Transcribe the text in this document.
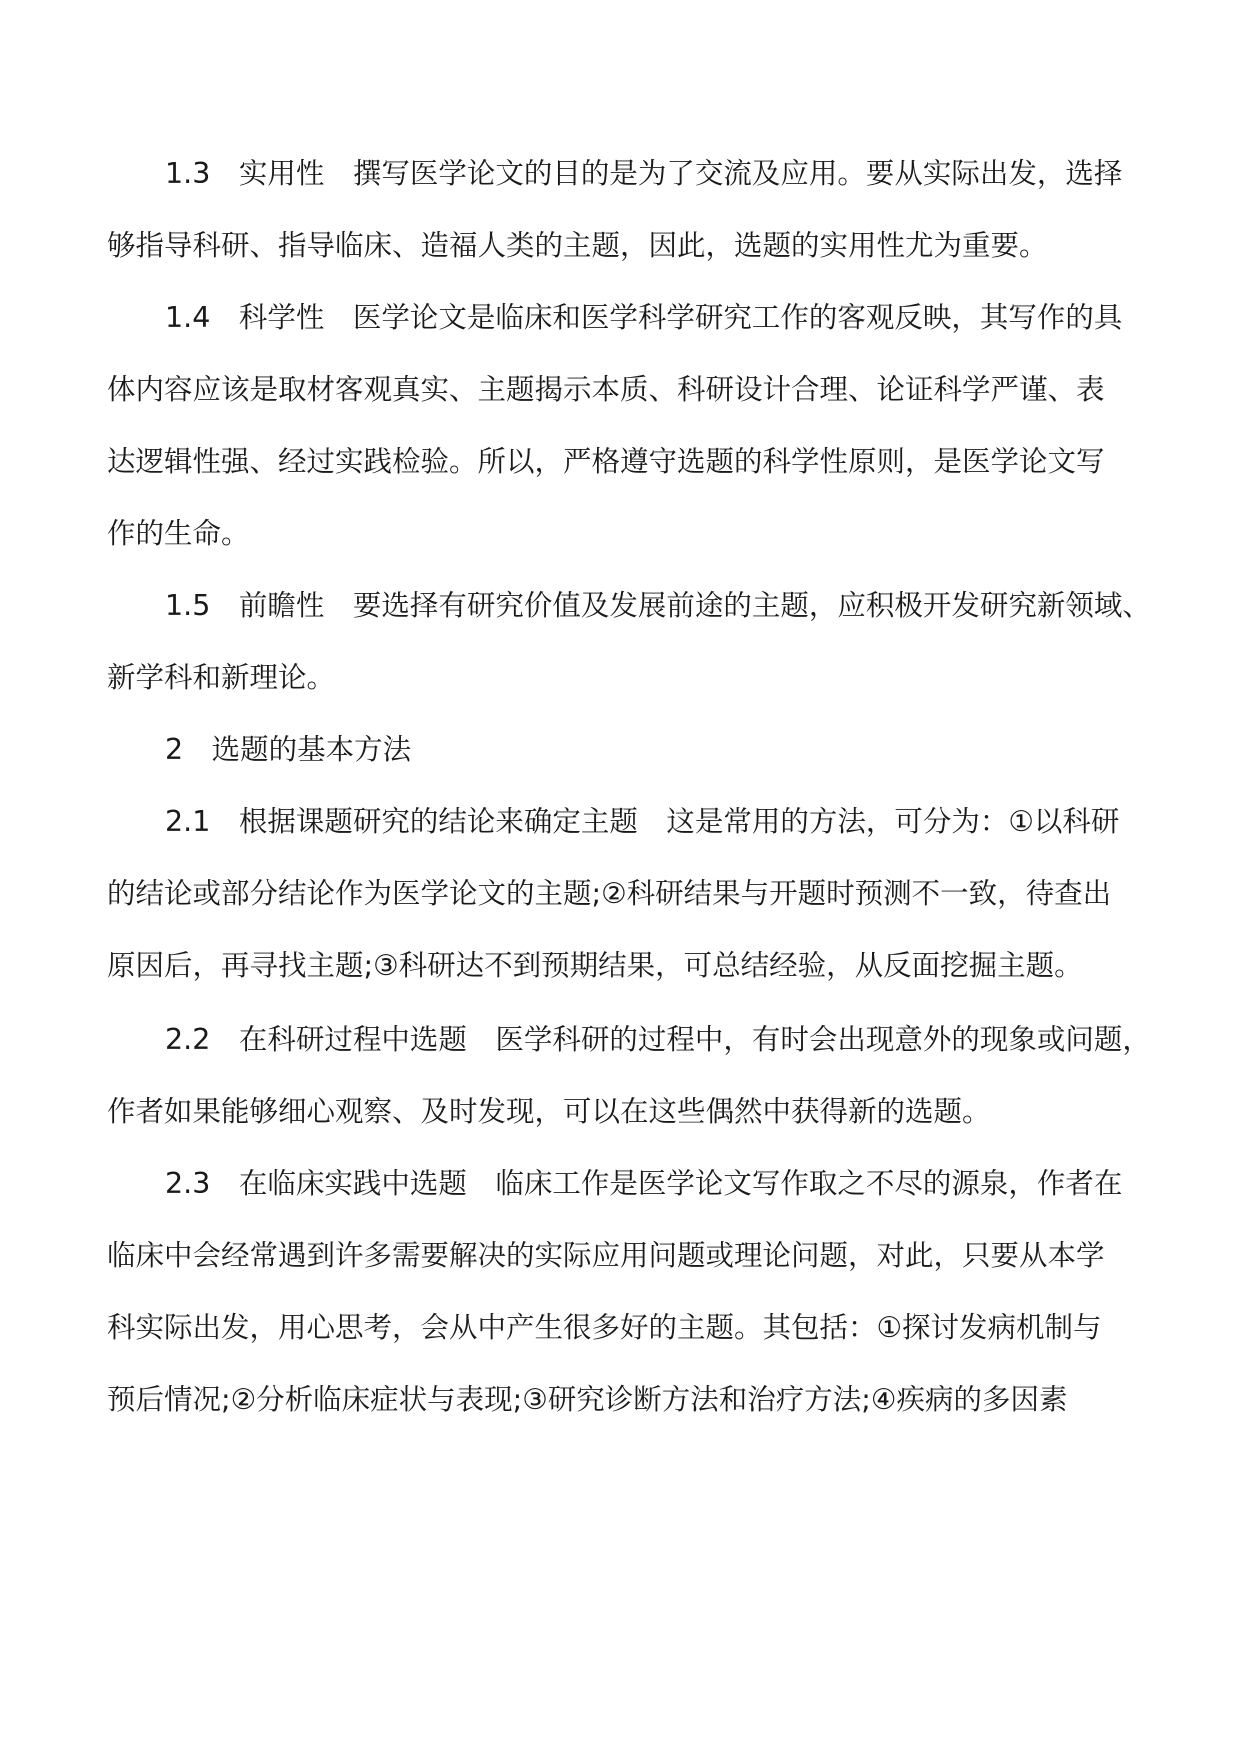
1.3　实用性　撰写医学论文的目的是为了交流及应用。要从实际出发，选择
够指导科研、指导临床、造福人类的主题，因此，选题的实用性尤为重要。
1.4　科学性　医学论文是临床和医学科学研究工作的客观反映，其写作的具
体内容应该是取材客观真实、主题揭示本质、科研设计合理、论证科学严谨、表
达逻辑性强、经过实践检验。所以，严格遵守选题的科学性原则，是医学论文写
作的生命。
1.5　前瞻性　要选择有研究价值及发展前途的主题，应积极开发研究新领域、
新学科和新理论。
2　选题的基本方法
2.1　根据课题研究的结论来确定主题　这是常用的方法，可分为：①以科研
的结论或部分结论作为医学论文的主题;②科研结果与开题时预测不一致，待查出
原因后，再寻找主题;③科研达不到预期结果，可总结经验，从反面挖掘主题。
2.2　在科研过程中选题　医学科研的过程中，有时会出现意外的现象或问题，
作者如果能够细心观察、及时发现，可以在这些偶然中获得新的选题。
2.3　在临床实践中选题　临床工作是医学论文写作取之不尽的源泉，作者在
临床中会经常遇到许多需要解决的实际应用问题或理论问题，对此，只要从本学
科实际出发，用心思考，会从中产生很多好的主题。其包括：①探讨发病机制与
预后情况;②分析临床症状与表现;③研究诊断方法和治疗方法;④疾病的多因素
